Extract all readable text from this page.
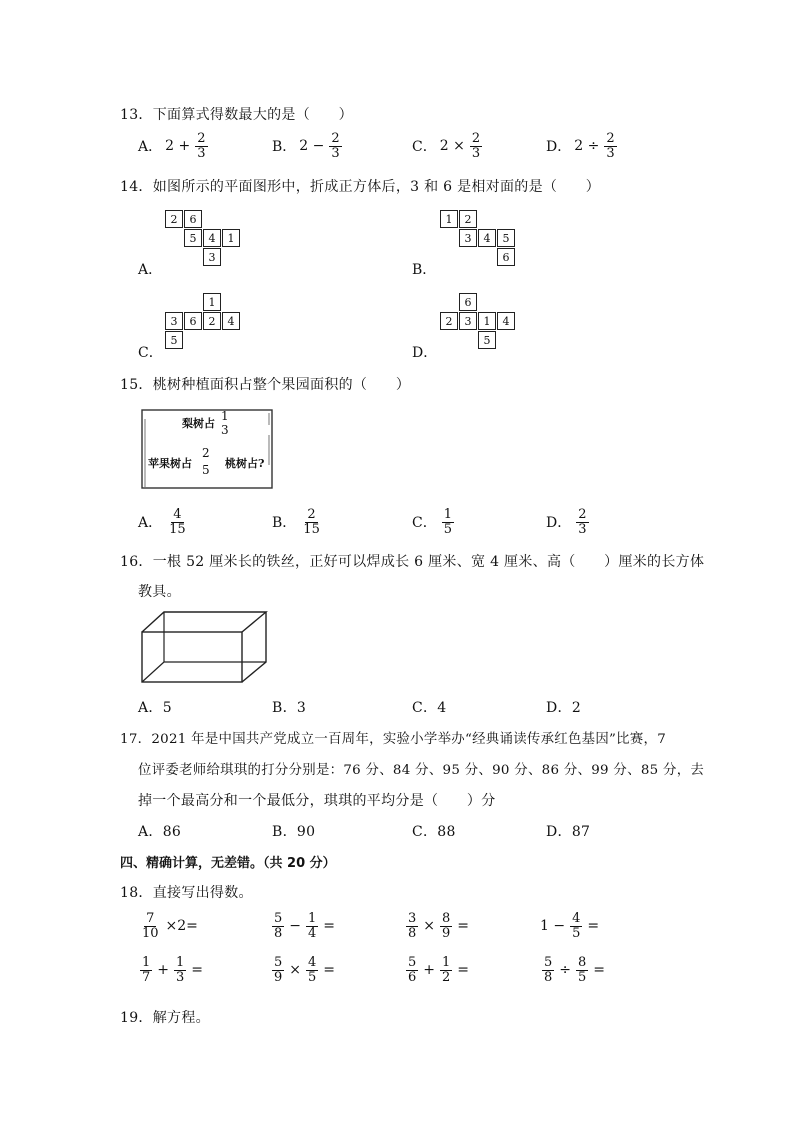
13．下面算式得数最大的是（　　）
A． $2 + \frac{2}{3}$	B． $2 - \frac{2}{3}$	C． $2 \times \frac{2}{3}$	D． $2 \div \frac{2}{3}$
14．如图所示的平面图形中，折成正方体后，3 和 6 是相对面的是（　　）
A．
2	6
5	4	1
3
B．
1	2
3	4	5
6
C．
1
3	6	2	4
5
D．
6
2	3	1	4
5
15．桃树种植面积占整个果园面积的（　　）
梨树占
1
3
苹果树占
2
5 桃树占?
A． $\frac{4}{15}$	B． $\frac{2}{15}$	C． $\frac{1}{5}$	D． $\frac{2}{3}$
16．一根 52 厘米长的铁丝，正好可以焊成长 6 厘米、宽 4 厘米、高（　　）厘米的长方体
教具。
A．5	B．3	C．4	D．2
17．2021 年是中国共产党成立一百周年，实验小学举办“经典诵读传承红色基因”比赛，7
位评委老师给琪琪的打分分别是：76 分、84 分、95 分、90 分、86 分、99 分、85 分，去
掉一个最高分和一个最低分，琪琪的平均分是（　　）分
A．86	B．90	C．88	D．87
四、精确计算，无差错。（共 20 分）
18．直接写出得数。
$\frac{7}{10} \times 2=$	$\frac{5}{8} - \frac{1}{4}$ =	$\frac{3}{8} \times \frac{8}{9}$ =	$1 - \frac{4}{5}$ =
$\frac{1}{7} + \frac{1}{3}$ =	$\frac{5}{9} \times \frac{4}{5}$ =	$\frac{5}{6} + \frac{1}{2}$ =	$\frac{5}{8} \div \frac{8}{5}$ =
19．解方程。
